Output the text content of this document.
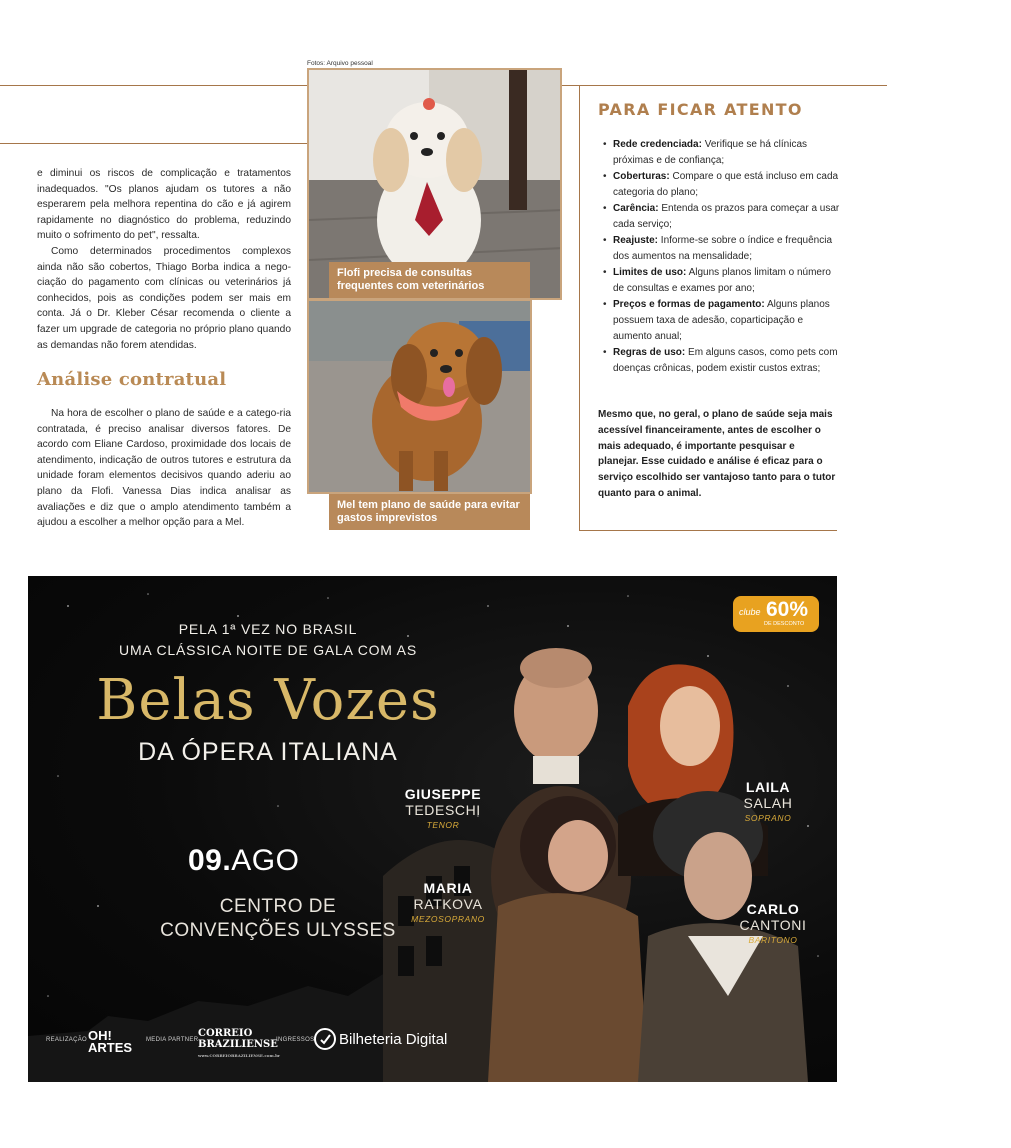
e diminui os riscos de complicação e tratamentos inadequados. "Os planos ajudam os tutores a não esperarem pela melhora repentina do cão e já agirem rapidamente no diagnóstico do problema, reduzindo muito o sofrimento do pet", ressalta.

Como determinados procedimentos complexos ainda não são cobertos, Thiago Borba indica a nego-ciação do pagamento com clínicas ou veterinários já conhecidos, pois as condições podem ser mais em conta. Já o Dr. Kleber César recomenda o cliente a fazer um upgrade de categoria no próprio plano quando as demandas não forem atendidas.

Análise contratual

Na hora de escolher o plano de saúde e a catego-ria contratada, é preciso analisar diversos fatores. De acordo com Eliane Cardoso, proximidade dos locais de atendimento, indicação de outros tutores e estrutura da unidade foram elementos decisivos quando aderiu ao plano da Flofi. Vanessa Dias indica analisar as avaliações e diz que o amplo atendimento também a ajudou a escolher a melhor opção para a Mel.

Fotos: Arquivo pessoal
Flofi precisa de consultas frequentes com veterinários
Mel tem plano de saúde para evitar gastos imprevistos
PARA FICAR ATENTO
• Rede credenciada: Verifique se há clínicas próximas e de confiança;
• Coberturas: Compare o que está incluso em cada categoria do plano;
• Carência: Entenda os prazos para começar a usar cada serviço;
• Reajuste: Informe-se sobre o índice e frequência dos aumentos na mensalidade;
• Limites de uso: Alguns planos limitam o número de consultas e exames por ano;
• Preços e formas de pagamento: Alguns planos possuem taxa de adesão, coparticipação e aumento anual;
• Regras de uso: Em alguns casos, como pets com doenças crônicas, podem existir custos extras;

Mesmo que, no geral, o plano de saúde seja mais acessível financeiramente, antes de escolher o mais adequado, é importante pesquisar e planejar. Esse cuidado e análise é eficaz para o serviço escolhido ser vantajoso tanto para o tutor quanto para o animal.

PELA 1ª VEZ NO BRASIL
UMA CLÁSSICA NOITE DE GALA COM AS
Belas Vozes
DA ÓPERA ITALIANA
09.AGO
CENTRO DE
CONVENÇÕES ULYSSES
clube 60%
DE DESCONTO
GIUSEPPE
TEDESCHI
TENOR
LAILA
SALAH
SOPRANO
MARIA
RATKOVA
MEZOSOPRANO
CARLO
CANTONI
BARITONO
REALIZAÇÃO OH!
ARTES MEDIA PARTNER
CORREIO
BRAZILIENSE
www.CORREIOBRAZILIENSE.com.br
INGRESSOS Bilheteria Digital
